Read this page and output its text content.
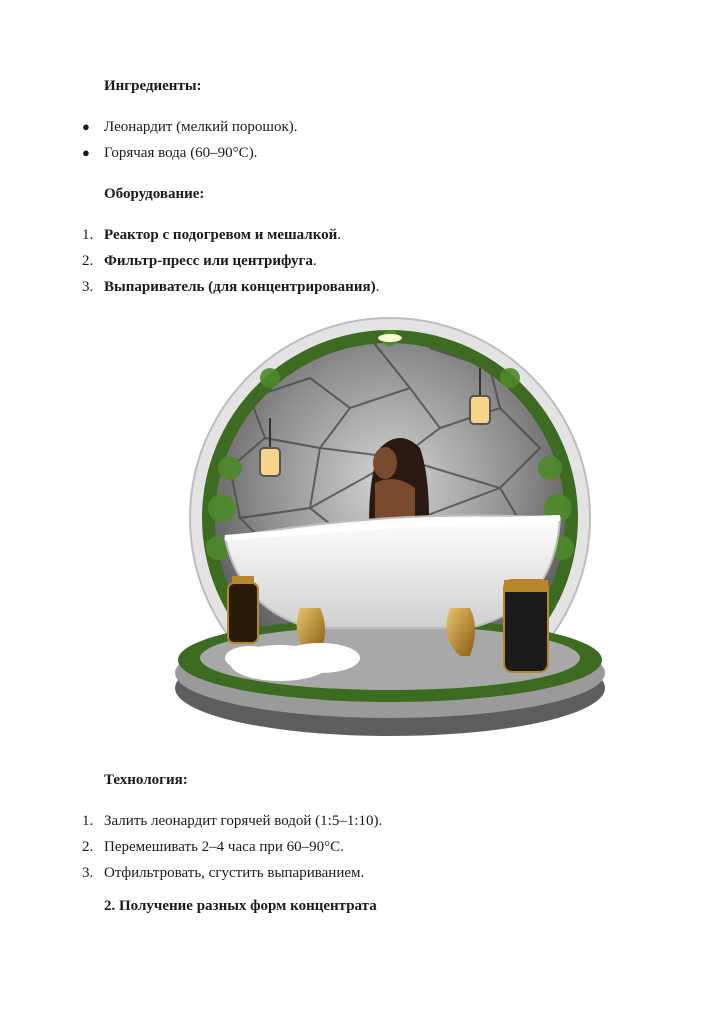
Ингредиенты:

● Леонардит (мелкий порошок).
● Горячая вода (60–90°C).

Оборудование:

1. Реактор с подогревом и мешалкой.
2. Фильтр-пресс или центрифуга.
3. Выпариватель (для концентрирования).

Технология:

1. Залить леонардит горячей водой (1:5–1:10).
2. Перемешивать 2–4 часа при 60–90°C.
3. Отфильтровать, сгустить выпариванием.

2. Получение разных форм концентрата
